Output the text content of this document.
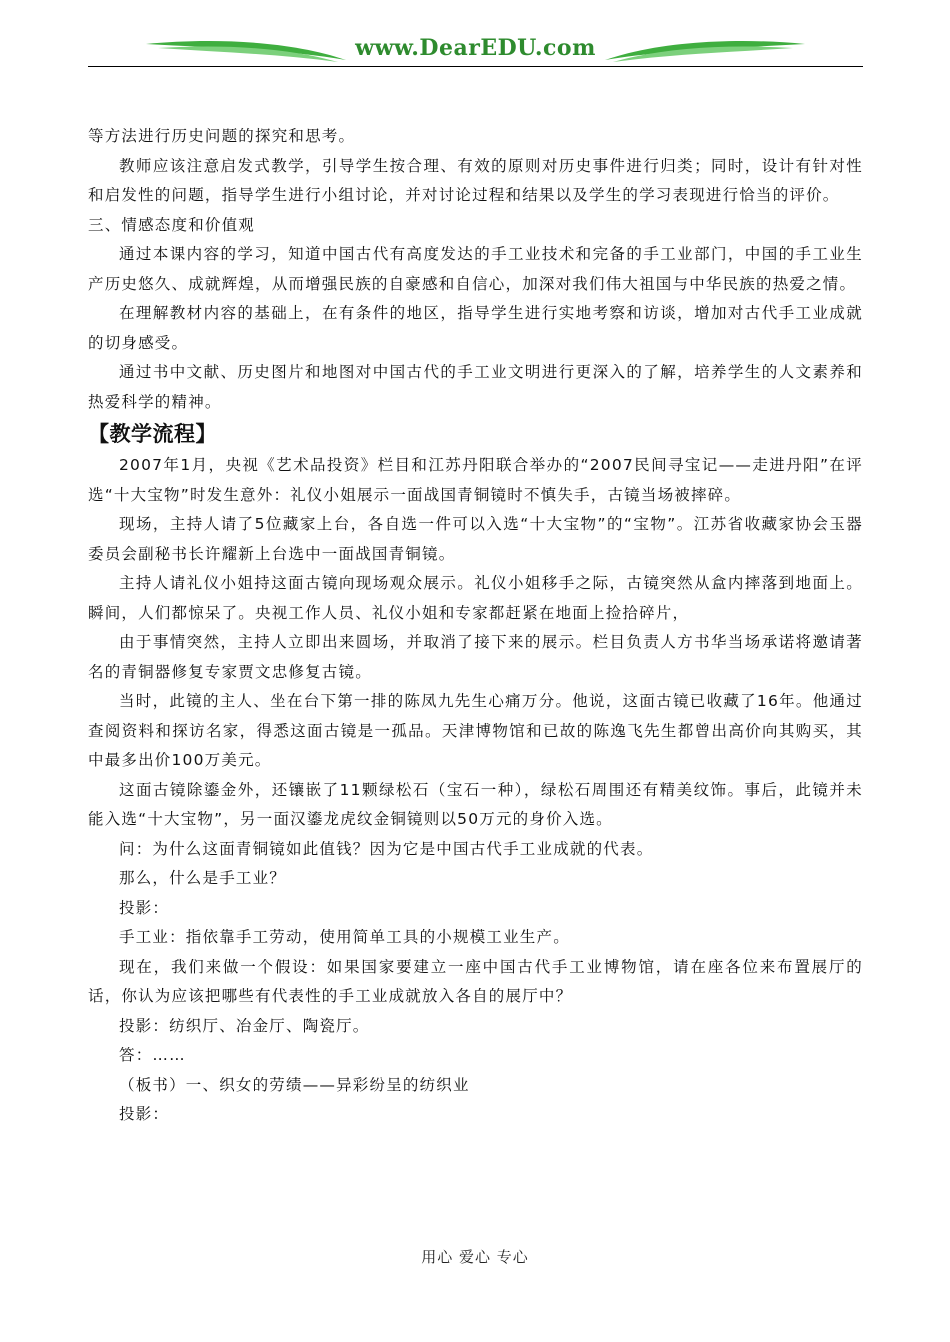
www.DearEDU.com

等方法进行历史问题的探究和思考。

教师应该注意启发式教学，引导学生按合理、有效的原则对历史事件进行归类；同时，设计有针对性和启发性的问题，指导学生进行小组讨论，并对讨论过程和结果以及学生的学习表现进行恰当的评价。

三、情感态度和价值观

通过本课内容的学习，知道中国古代有高度发达的手工业技术和完备的手工业部门，中国的手工业生产历史悠久、成就辉煌，从而增强民族的自豪感和自信心，加深对我们伟大祖国与中华民族的热爱之情。

在理解教材内容的基础上，在有条件的地区，指导学生进行实地考察和访谈，增加对古代手工业成就的切身感受。

通过书中文献、历史图片和地图对中国古代的手工业文明进行更深入的了解，培养学生的人文素养和热爱科学的精神。

【教学流程】

2007年1月，央视《艺术品投资》栏目和江苏丹阳联合举办的“2007民间寻宝记——走进丹阳”在评选“十大宝物”时发生意外：礼仪小姐展示一面战国青铜镜时不慎失手，古镜当场被摔碎。

现场，主持人请了5位藏家上台，各自选一件可以入选“十大宝物”的“宝物”。江苏省收藏家协会玉器委员会副秘书长许耀新上台选中一面战国青铜镜。

主持人请礼仪小姐持这面古镜向现场观众展示。礼仪小姐移手之际，古镜突然从盒内摔落到地面上。瞬间，人们都惊呆了。央视工作人员、礼仪小姐和专家都赶紧在地面上捡拾碎片，

由于事情突然，主持人立即出来圆场，并取消了接下来的展示。栏目负责人方书华当场承诺将邀请著名的青铜器修复专家贾文忠修复古镜。

当时，此镜的主人、坐在台下第一排的陈凤九先生心痛万分。他说，这面古镜已收藏了16年。他通过查阅资料和探访名家，得悉这面古镜是一孤品。天津博物馆和已故的陈逸飞先生都曾出高价向其购买，其中最多出价100万美元。

这面古镜除鎏金外，还镶嵌了11颗绿松石（宝石一种），绿松石周围还有精美纹饰。事后，此镜并未能入选“十大宝物”，另一面汉鎏龙虎纹金铜镜则以50万元的身价入选。

问：为什么这面青铜镜如此值钱？因为它是中国古代手工业成就的代表。

那么，什么是手工业？

投影：

手工业：指依靠手工劳动，使用简单工具的小规模工业生产。

现在，我们来做一个假设：如果国家要建立一座中国古代手工业博物馆，请在座各位来布置展厅的话，你认为应该把哪些有代表性的手工业成就放入各自的展厅中？

投影：纺织厅、冶金厅、陶瓷厅。

答：……

（板书）一、织女的劳绩——异彩纷呈的纺织业

投影：

用心 爱心 专心
